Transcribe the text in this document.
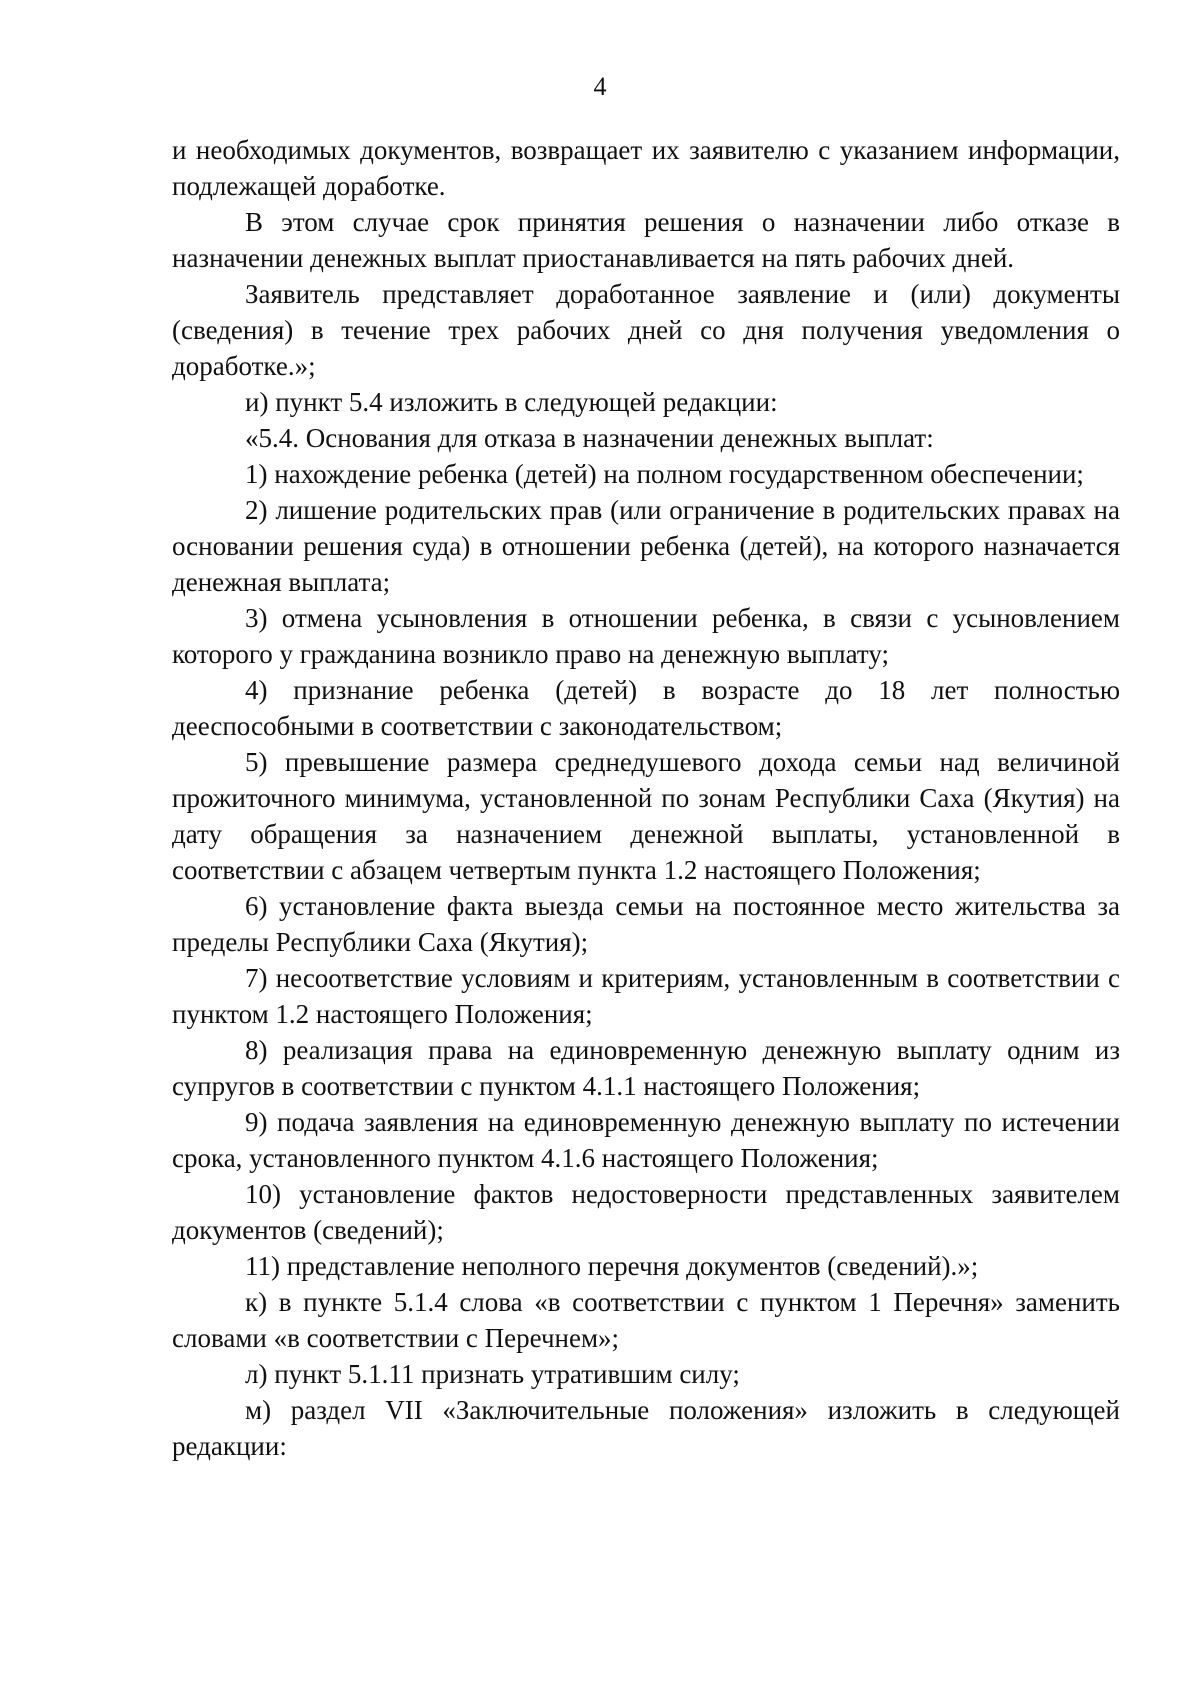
4

и необходимых документов, возвращает их заявителю с указанием информации, подлежащей доработке.

В этом случае срок принятия решения о назначении либо отказе в назначении денежных выплат приостанавливается на пять рабочих дней.

Заявитель представляет доработанное заявление и (или) документы (сведения) в течение трех рабочих дней со дня получения уведомления о доработке.»;

и) пункт 5.4 изложить в следующей редакции:

«5.4. Основания для отказа в назначении денежных выплат:

1) нахождение ребенка (детей) на полном государственном обеспечении;

2) лишение родительских прав (или ограничение в родительских правах на основании решения суда) в отношении ребенка (детей), на которого назначается денежная выплата;

3) отмена усыновления в отношении ребенка, в связи с усыновлением которого у гражданина возникло право на денежную выплату;

4) признание ребенка (детей) в возрасте до 18 лет полностью дееспособными в соответствии с законодательством;

5) превышение размера среднедушевого дохода семьи над величиной прожиточного минимума, установленной по зонам Республики Саха (Якутия) на дату обращения за назначением денежной выплаты, установленной в соответствии с абзацем четвертым пункта 1.2 настоящего Положения;

6) установление факта выезда семьи на постоянное место жительства за пределы Республики Саха (Якутия);

7) несоответствие условиям и критериям, установленным в соответствии с пунктом 1.2 настоящего Положения;

8) реализация права на единовременную денежную выплату одним из супругов в соответствии с пунктом 4.1.1 настоящего Положения;

9) подача заявления на единовременную денежную выплату по истечении срока, установленного пунктом 4.1.6 настоящего Положения;

10) установление фактов недостоверности представленных заявителем документов (сведений);

11) представление неполного перечня документов (сведений).»;

к) в пункте 5.1.4 слова «в соответствии с пунктом 1 Перечня» заменить словами «в соответствии с Перечнем»;

л) пункт 5.1.11 признать утратившим силу;

м) раздел VII «Заключительные положения» изложить в следующей редакции:
